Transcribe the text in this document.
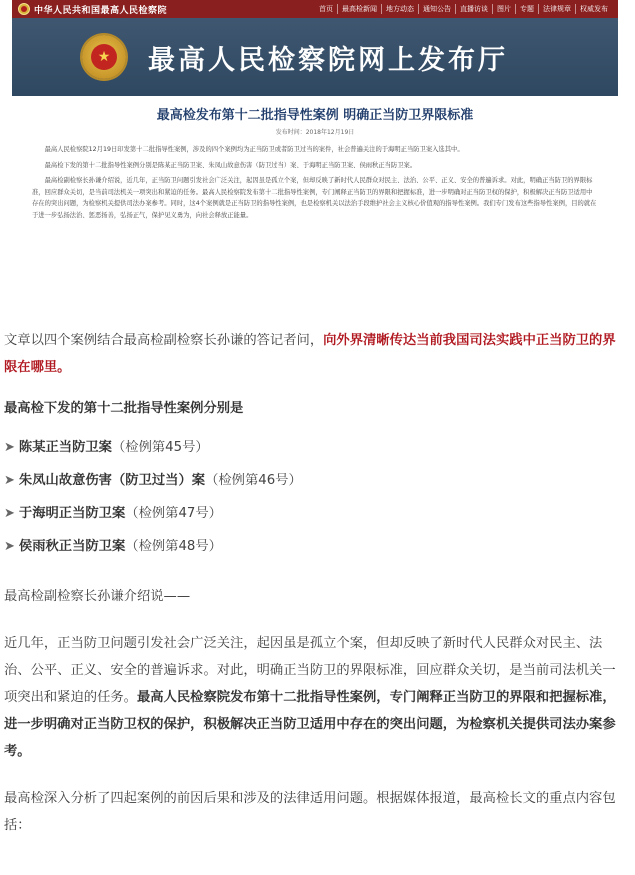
中华人民共和国最高人民检察院	首页	最高检新闻	地方动态	通知公告	直播访谈	图片	专题	法律规章	权威发布
★ 最高人民检察院网上发布厅
最高检发布第十二批指导性案例 明确正当防卫界限标准
发布时间：2018年12月19日

最高人民检察院12月19日印发第十二批指导性案例，涉及的四个案例均为正当防卫或者防卫过当的案件，社会普遍关注的于海明正当防卫案入选其中。

最高检下发的第十二批指导性案例分别是陈某正当防卫案、朱凤山故意伤害（防卫过当）案、于海明正当防卫案、侯雨秋正当防卫案。

最高检副检察长孙谦介绍说，近几年，正当防卫问题引发社会广泛关注，起因虽是孤立个案，但却反映了新时代人民群众对民主、法治、公平、正义、安全的普遍诉求。对此，明确正当防卫的界限标准，回应群众关切，是当前司法机关一项突出和紧迫的任务。最高人民检察院发布第十二批指导性案例，专门阐释正当防卫的界限和把握标准，进一步明确对正当防卫权的保护，积极解决正当防卫适用中存在的突出问题，为检察机关提供司法办案参考。同时，这4个案例就是正当防卫的指导性案例，也是检察机关以法治手段维护社会主义核心价值观的指导性案例。我们专门发布这些指导性案例，目的就在于进一步弘扬法治、惩恶扬善，弘扬正气，保护见义勇为，向社会释放正能量。

文章以四个案例结合最高检副检察长孙谦的答记者问，向外界清晰传达当前我国司法实践中正当防卫的界限在哪里。

最高检下发的第十二批指导性案例分别是

➤ 陈某正当防卫案 （检例第45号）
➤ 朱凤山故意伤害（防卫过当）案 （检例第46号）
➤ 于海明正当防卫案 （检例第47号）
➤ 侯雨秋正当防卫案 （检例第48号）

最高检副检察长孙谦介绍说——

近几年，正当防卫问题引发社会广泛关注，起因虽是孤立个案，但却反映了新时代人民群众对民主、法治、公平、正义、安全的普遍诉求。对此，明确正当防卫的界限标准，回应群众关切，是当前司法机关一项突出和紧迫的任务。最高人民检察院发布第十二批指导性案例，专门阐释正当防卫的界限和把握标准，进一步明确对正当防卫权的保护，积极解决正当防卫适用中存在的突出问题，为检察机关提供司法办案参考。

最高检深入分析了四起案例的前因后果和涉及的法律适用问题。根据媒体报道，最高检长文的重点内容包括：
